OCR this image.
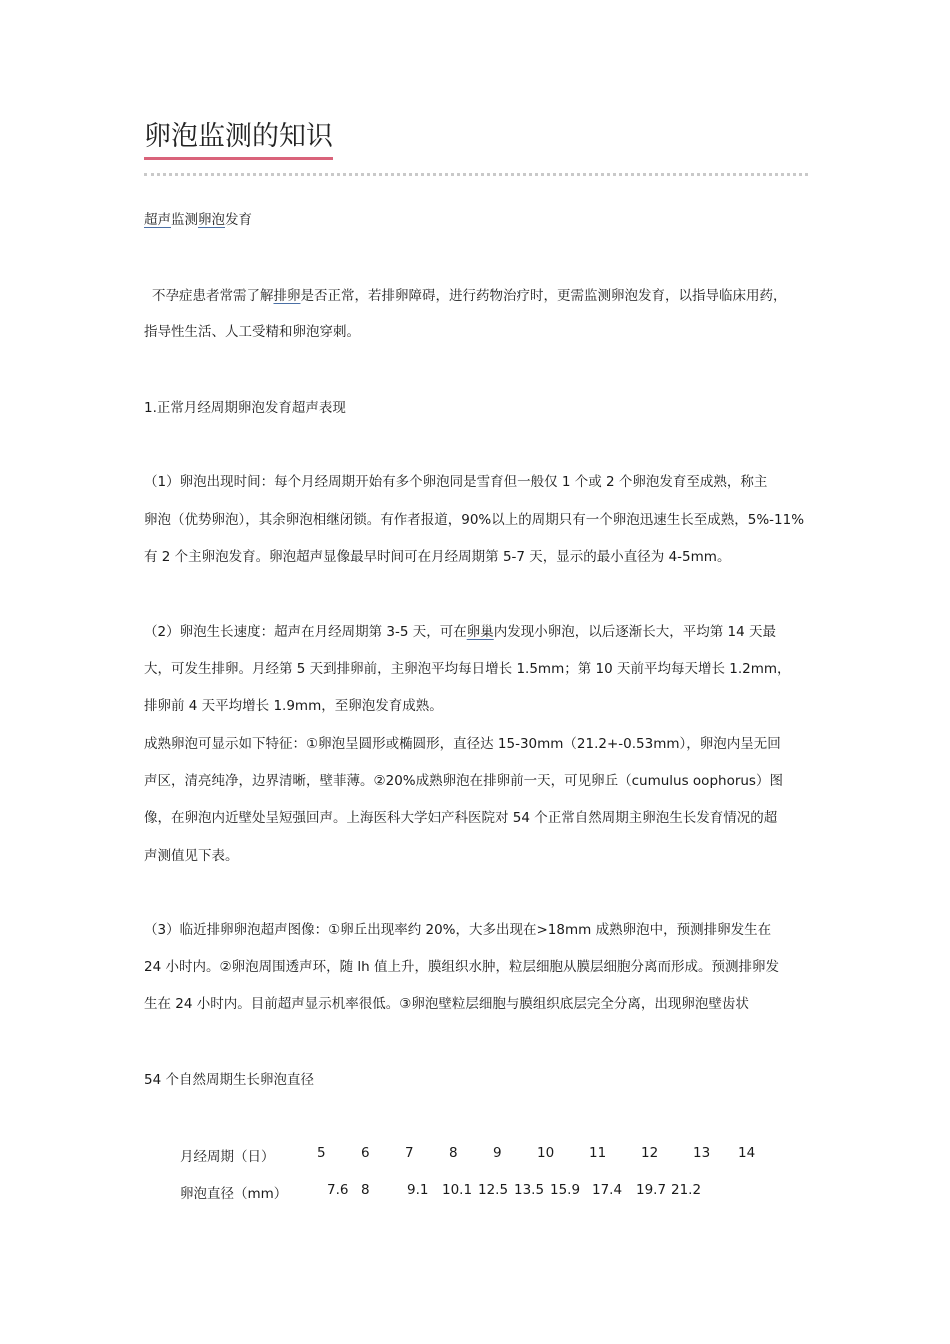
卵泡监测的知识
超声监测卵泡发育
不孕症患者常需了解排卵是否正常，若排卵障碍，进行药物治疗时，更需监测卵泡发育，以指导临床用药，
指导性生活、人工受精和卵泡穿刺。
1.正常月经周期卵泡发育超声表现
（1）卵泡出现时间：每个月经周期开始有多个卵泡同是雪育但一般仅 1 个或 2 个卵泡发育至成熟，称主
卵泡（优势卵泡），其余卵泡相继闭锁。有作者报道，90%以上的周期只有一个卵泡迅速生长至成熟，5%-11%
有 2 个主卵泡发育。卵泡超声显像最早时间可在月经周期第 5-7 天，显示的最小直径为 4-5mm。
（2）卵泡生长速度：超声在月经周期第 3-5 天，可在卵巢内发现小卵泡，以后逐渐长大，平均第 14 天最
大，可发生排卵。月经第 5 天到排卵前，主卵泡平均每日增长 1.5mm；第 10 天前平均每天增长 1.2mm，
排卵前 4 天平均增长 1.9mm，至卵泡发育成熟。
成熟卵泡可显示如下特征：①卵泡呈圆形或椭圆形，直径达 15-30mm（21.2+-0.53mm），卵泡内呈无回
声区，清亮纯净，边界清晰，壁菲薄。②20%成熟卵泡在排卵前一天，可见卵丘（cumulus oophorus）图
像，在卵泡内近壁处呈短强回声。上海医科大学妇产科医院对 54 个正常自然周期主卵泡生长发育情况的超
声测值见下表。
（3）临近排卵卵泡超声图像：①卵丘出现率约 20%，大多出现在>18mm 成熟卵泡中，预测排卵发生在
24 小时内。②卵泡周围透声环，随 lh 值上升，膜组织水肿，粒层细胞从膜层细胞分离而形成。预测排卵发
生在 24 小时内。目前超声显示机率很低。③卵泡壁粒层细胞与膜组织底层完全分离，出现卵泡壁齿状
54 个自然周期生长卵泡直径
月经周期（日）	5	6	7	8	9	10	11	12	13 14
卵泡直径（mm）	7.6 8	9.1 10.1 12.5 13.5 15.9 17.4 19.7 21.2
